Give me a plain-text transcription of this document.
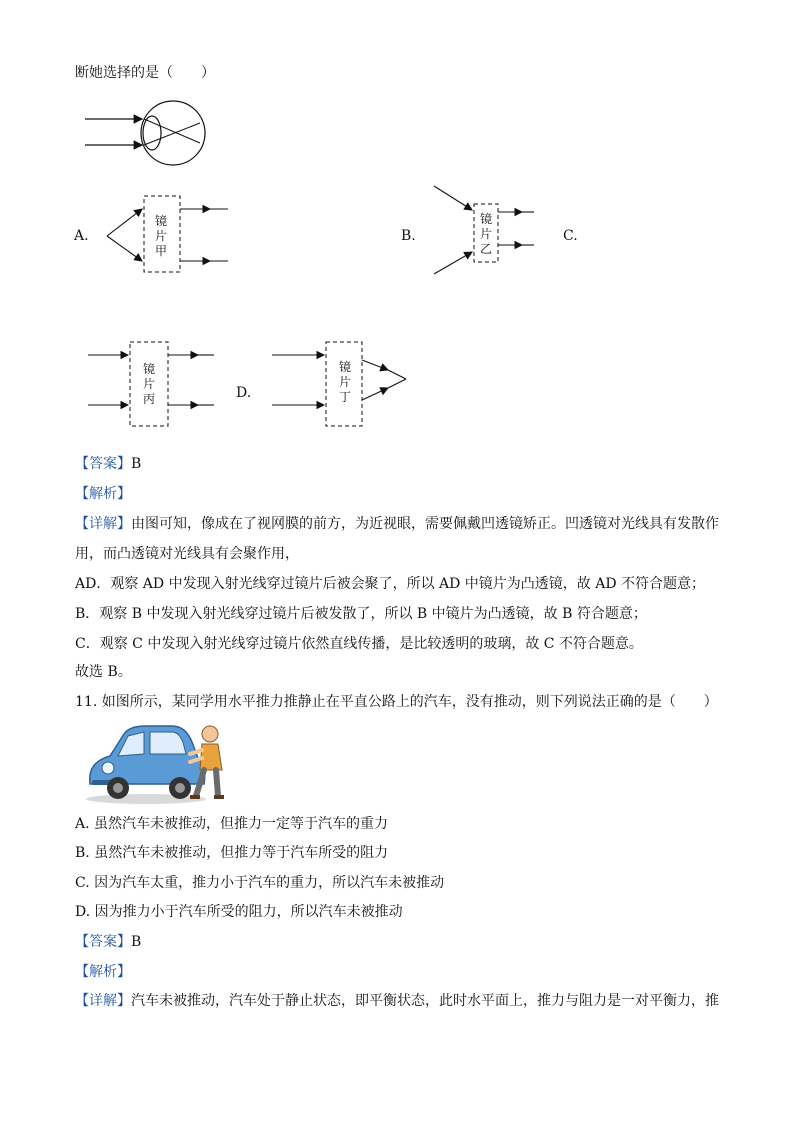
断她选择的是（　　）
A.
镜
片
甲
B.
镜
片
乙
C.
镜
片
丙	D.
镜
片
丁
【答案】B
【解析】
【详解】由图可知，像成在了视网膜的前方，为近视眼，需要佩戴凹透镜矫正。凹透镜对光线具有发散作
用，而凸透镜对光线具有会聚作用，
AD．观察 AD 中发现入射光线穿过镜片后被会聚了，所以 AD 中镜片为凸透镜，故 AD 不符合题意；
B．观察 B 中发现入射光线穿过镜片后被发散了，所以 B 中镜片为凸透镜，故 B 符合题意；
C．观察 C 中发现入射光线穿过镜片依然直线传播，是比较透明的玻璃，故 C 不符合题意。
故选 B。
11. 如图所示，某同学用水平推力推静止在平直公路上的汽车，没有推动，则下列说法正确的是（　　）
A. 虽然汽车未被推动，但推力一定等于汽车的重力
B. 虽然汽车未被推动，但推力等于汽车所受的阻力
C. 因为汽车太重，推力小于汽车的重力，所以汽车未被推动
D. 因为推力小于汽车所受的阻力，所以汽车未被推动
【答案】B
【解析】
【详解】汽车未被推动，汽车处于静止状态，即平衡状态，此时水平面上，推力与阻力是一对平衡力，推
